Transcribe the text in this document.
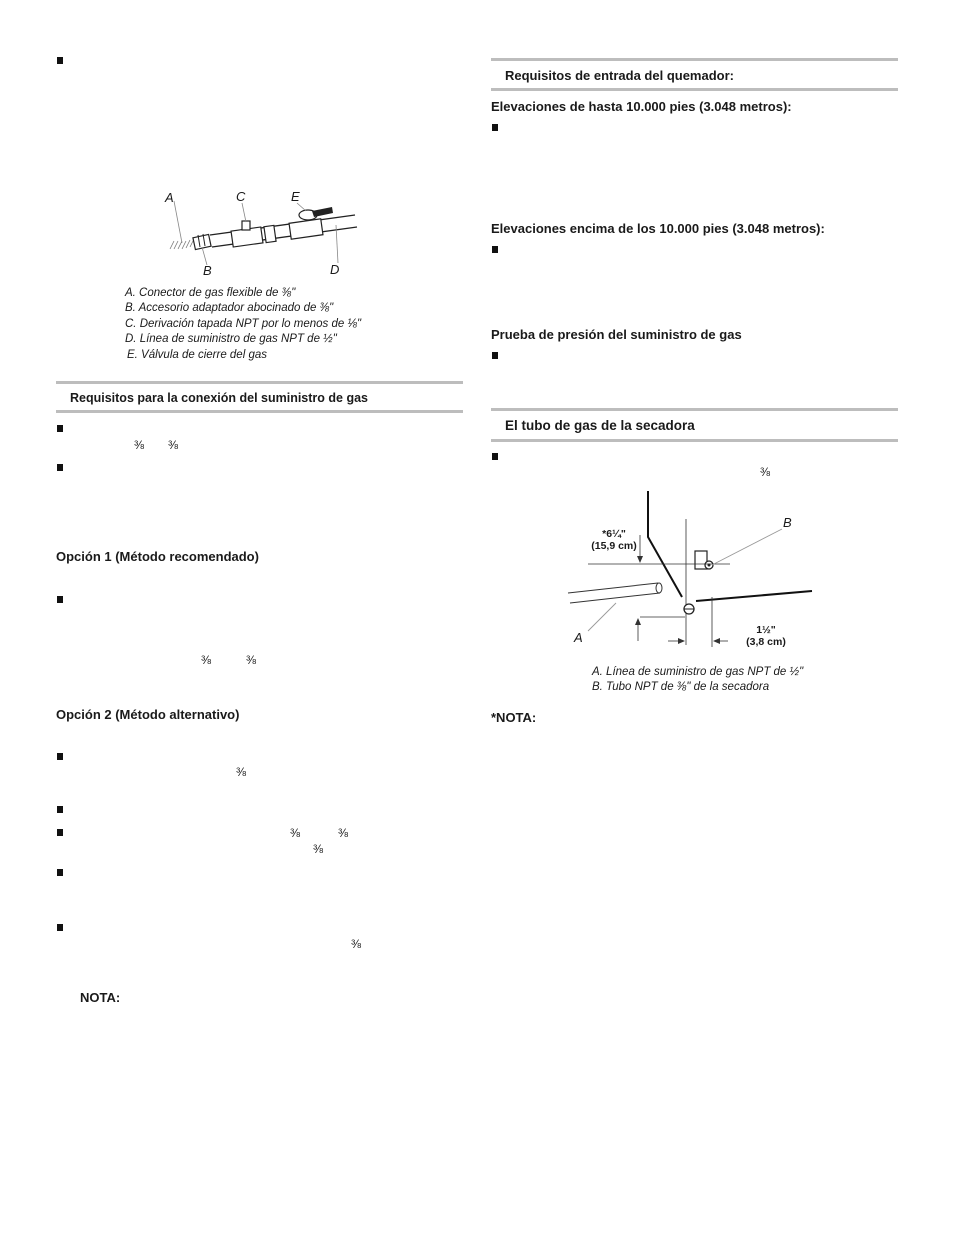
A	C	E
B	D
A. Conector de gas flexible de ⅜"
B. Accesorio adaptador abocinado de ⅜"
C. Derivación tapada NPT por lo menos de ⅛"
D. Línea de suministro de gas NPT de ½"
E. Válvula de cierre del gas
Requisitos para la conexión del suministro de gas
⅜ ⅜
Opción 1 (Método recomendado)
⅜	⅜
Opción 2 (Método alternativo)
⅜
⅜	⅜
⅜
⅜
NOTA:
Requisitos de entrada del quemador:
Elevaciones de hasta 10.000 pies (3.048 metros):
Elevaciones encima de los 10.000 pies (3.048 metros):
Prueba de presión del suministro de gas
El tubo de gas de la secadora
⅜
B
A
*6¼"
(15,9 cm)
1½"
(3,8 cm)
A. Línea de suministro de gas NPT de ½"
B. Tubo NPT de ⅜" de la secadora
*NOTA:
